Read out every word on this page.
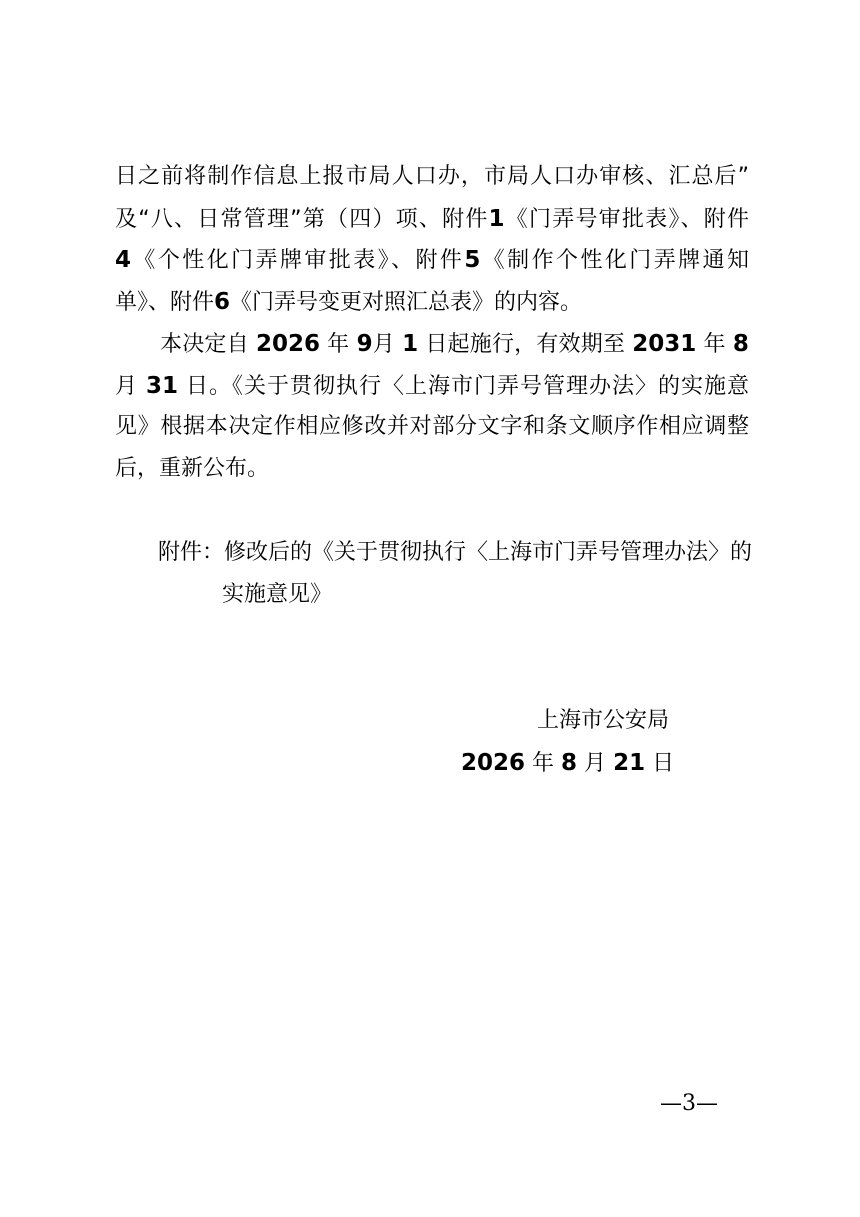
日之前将制作信息上报市局人口办，市局人口办审核、汇总后”
及“八、日常管理”第（四）项、附件1《门弄号审批表》、附件
4《个性化门弄牌审批表》、附件5《制作个性化门弄牌通知
单》、附件6《门弄号变更对照汇总表》的内容。
本决定自 2026 年 9月 1 日起施行，有效期至 2031 年 8
月 31 日。《关于贯彻执行〈上海市门弄号管理办法〉的实施意
见》根据本决定作相应修改并对部分文字和条文顺序作相应调整
后，重新公布。
附件：修改后的《关于贯彻执行〈上海市门弄号管理办法〉的
实施意见》
上海市公安局
2026 年 8 月 21 日
—3—
